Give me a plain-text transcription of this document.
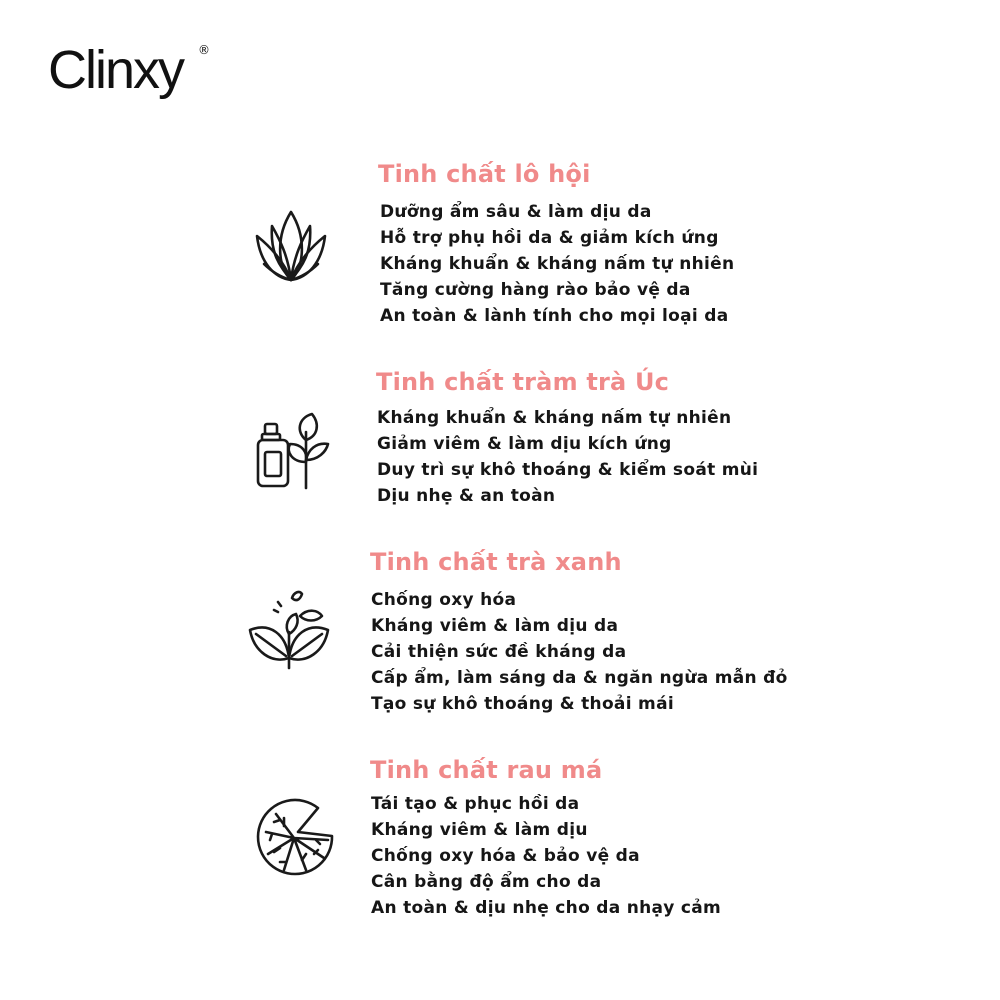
Clinxy ®
Tinh chất lô hội
Dưỡng ẩm sâu & làm dịu da
Hỗ trợ phụ hồi da & giảm kích ứng
Kháng khuẩn & kháng nấm tự nhiên
Tăng cường hàng rào bảo vệ da
An toàn & lành tính cho mọi loại da
Tinh chất tràm trà Úc
Kháng khuẩn & kháng nấm tự nhiên
Giảm viêm & làm dịu kích ứng
Duy trì sự khô thoáng & kiểm soát mùi
Dịu nhẹ & an toàn
Tinh chất trà xanh
Chống oxy hóa
Kháng viêm & làm dịu da
Cải thiện sức đề kháng da
Cấp ẩm, làm sáng da & ngăn ngừa mẫn đỏ
Tạo sự khô thoáng & thoải mái
Tinh chất rau má
Tái tạo & phục hồi da
Kháng viêm & làm dịu
Chống oxy hóa & bảo vệ da
Cân bằng độ ẩm cho da
An toàn & dịu nhẹ cho da nhạy cảm
